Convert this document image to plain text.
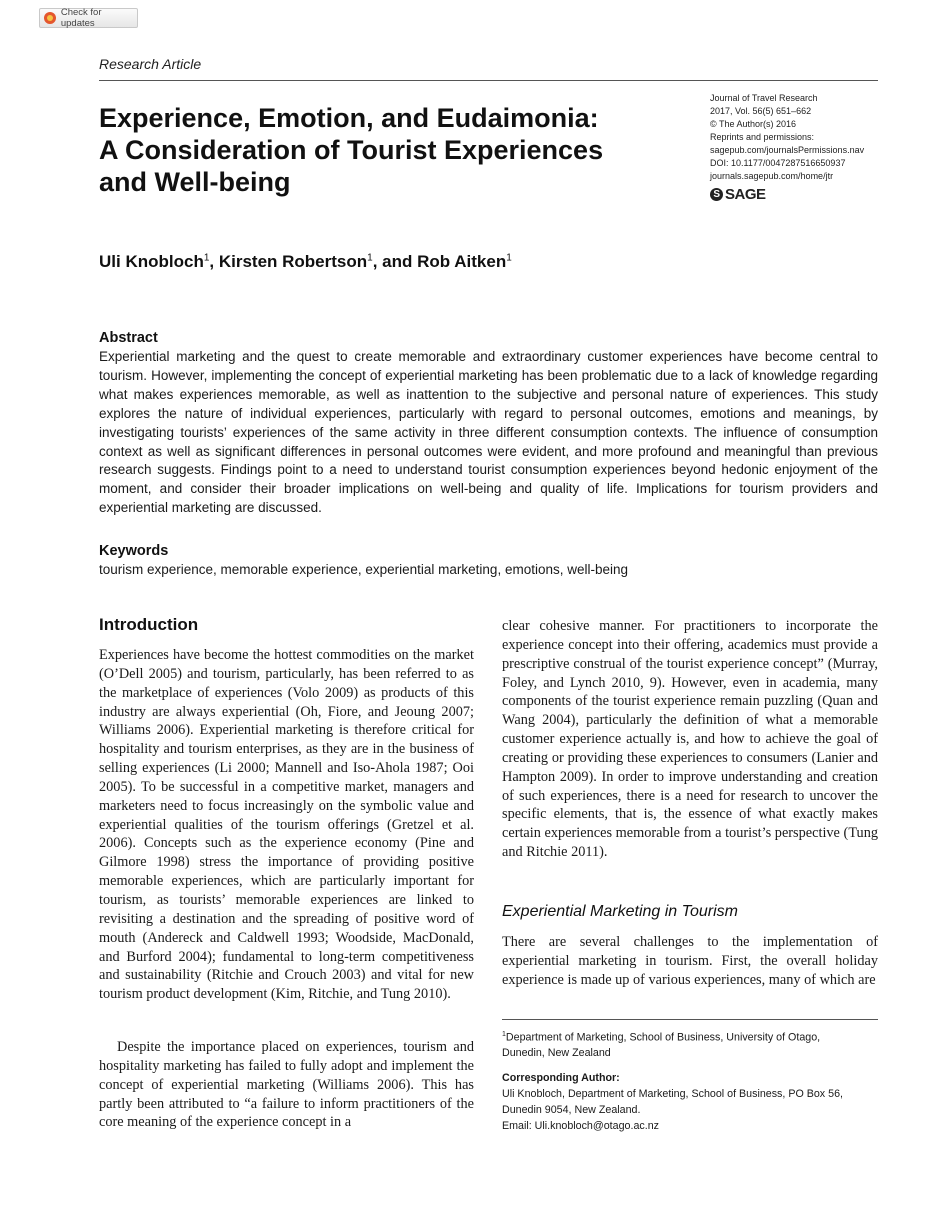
Check for updates
Research Article
Experience, Emotion, and Eudaimonia:
A Consideration of Tourist Experiences
and Well-being
Journal of Travel Research
2017, Vol. 56(5) 651–662
© The Author(s) 2016
Reprints and permissions:
sagepub.com/journalsPermissions.nav
DOI: 10.1177/0047287516650937
journals.sagepub.com/home/jtr
S SAGE
Uli Knobloch$^1$, Kirsten Robertson$^1$, and Rob Aitken$^1$
Abstract

Experiential marketing and the quest to create memorable and extraordinary customer experiences have become central to tourism. However, implementing the concept of experiential marketing has been problematic due to a lack of knowledge regarding what makes experiences memorable, as well as inattention to the subjective and personal nature of experiences. This study explores the nature of individual experiences, particularly with regard to personal outcomes, emotions and meanings, by investigating tourists’ experiences of the same activity in three different consumption contexts. The influence of consumption context as well as significant differences in personal outcomes were evident, and more profound and meaningful than previous research suggests. Findings point to a need to understand tourist consumption experiences beyond hedonic enjoyment of the moment, and consider their broader implications on well-being and quality of life. Implications for tourism providers and experiential marketing are discussed.

Keywords

tourism experience, memorable experience, experiential marketing, emotions, well-being

Introduction

Experiences have become the hottest commodities on the market (O’Dell 2005) and tourism, particularly, has been referred to as the marketplace of experiences (Volo 2009) as products of this industry are always experiential (Oh, Fiore, and Jeoung 2007; Williams 2006). Experiential marketing is therefore critical for hospitality and tourism enterprises, as they are in the business of selling experiences (Li 2000; Mannell and Iso-Ahola 1987; Ooi 2005). To be successful in a competitive market, managers and marketers need to focus increasingly on the symbolic value and experiential qualities of the tourism offerings (Gretzel et al. 2006). Concepts such as the experience economy (Pine and Gilmore 1998) stress the importance of providing positive memorable experiences, which are particularly important for tourism, as tourists’ memorable experiences are linked to revisiting a destination and the spreading of positive word of mouth (Andereck and Caldwell 1993; Woodside, MacDonald, and Burford 2004); fundamental to long-term competitiveness and sustainability (Ritchie and Crouch 2003) and vital for new tourism product development (Kim, Ritchie, and Tung 2010).

Despite the importance placed on experiences, tourism and hospitality marketing has failed to fully adopt and implement the concept of experiential marketing (Williams 2006). This has partly been attributed to “a failure to inform practitioners of the core meaning of the experience concept in a

clear cohesive manner. For practitioners to incorporate the experience concept into their offering, academics must provide a prescriptive construal of the tourist experience concept” (Murray, Foley, and Lynch 2010, 9). However, even in academia, many components of the tourist experience remain puzzling (Quan and Wang 2004), particularly the definition of what a memorable customer experience actually is, and how to achieve the goal of creating or providing these experiences to consumers (Lanier and Hampton 2009). In order to improve understanding and creation of such experiences, there is a need for research to uncover the specific elements, that is, the essence of what exactly makes certain experiences memorable from a tourist’s perspective (Tung and Ritchie 2011).

Experiential Marketing in Tourism

There are several challenges to the implementation of experiential marketing in tourism. First, the overall holiday experience is made up of various experiences, many of which are

$^1$Department of Marketing, School of Business, University of Otago,

Dunedin, New Zealand

Corresponding Author:

Uli Knobloch, Department of Marketing, School of Business, PO Box 56,

Dunedin 9054, New Zealand.

Email: Uli.knobloch@otago.ac.nz
